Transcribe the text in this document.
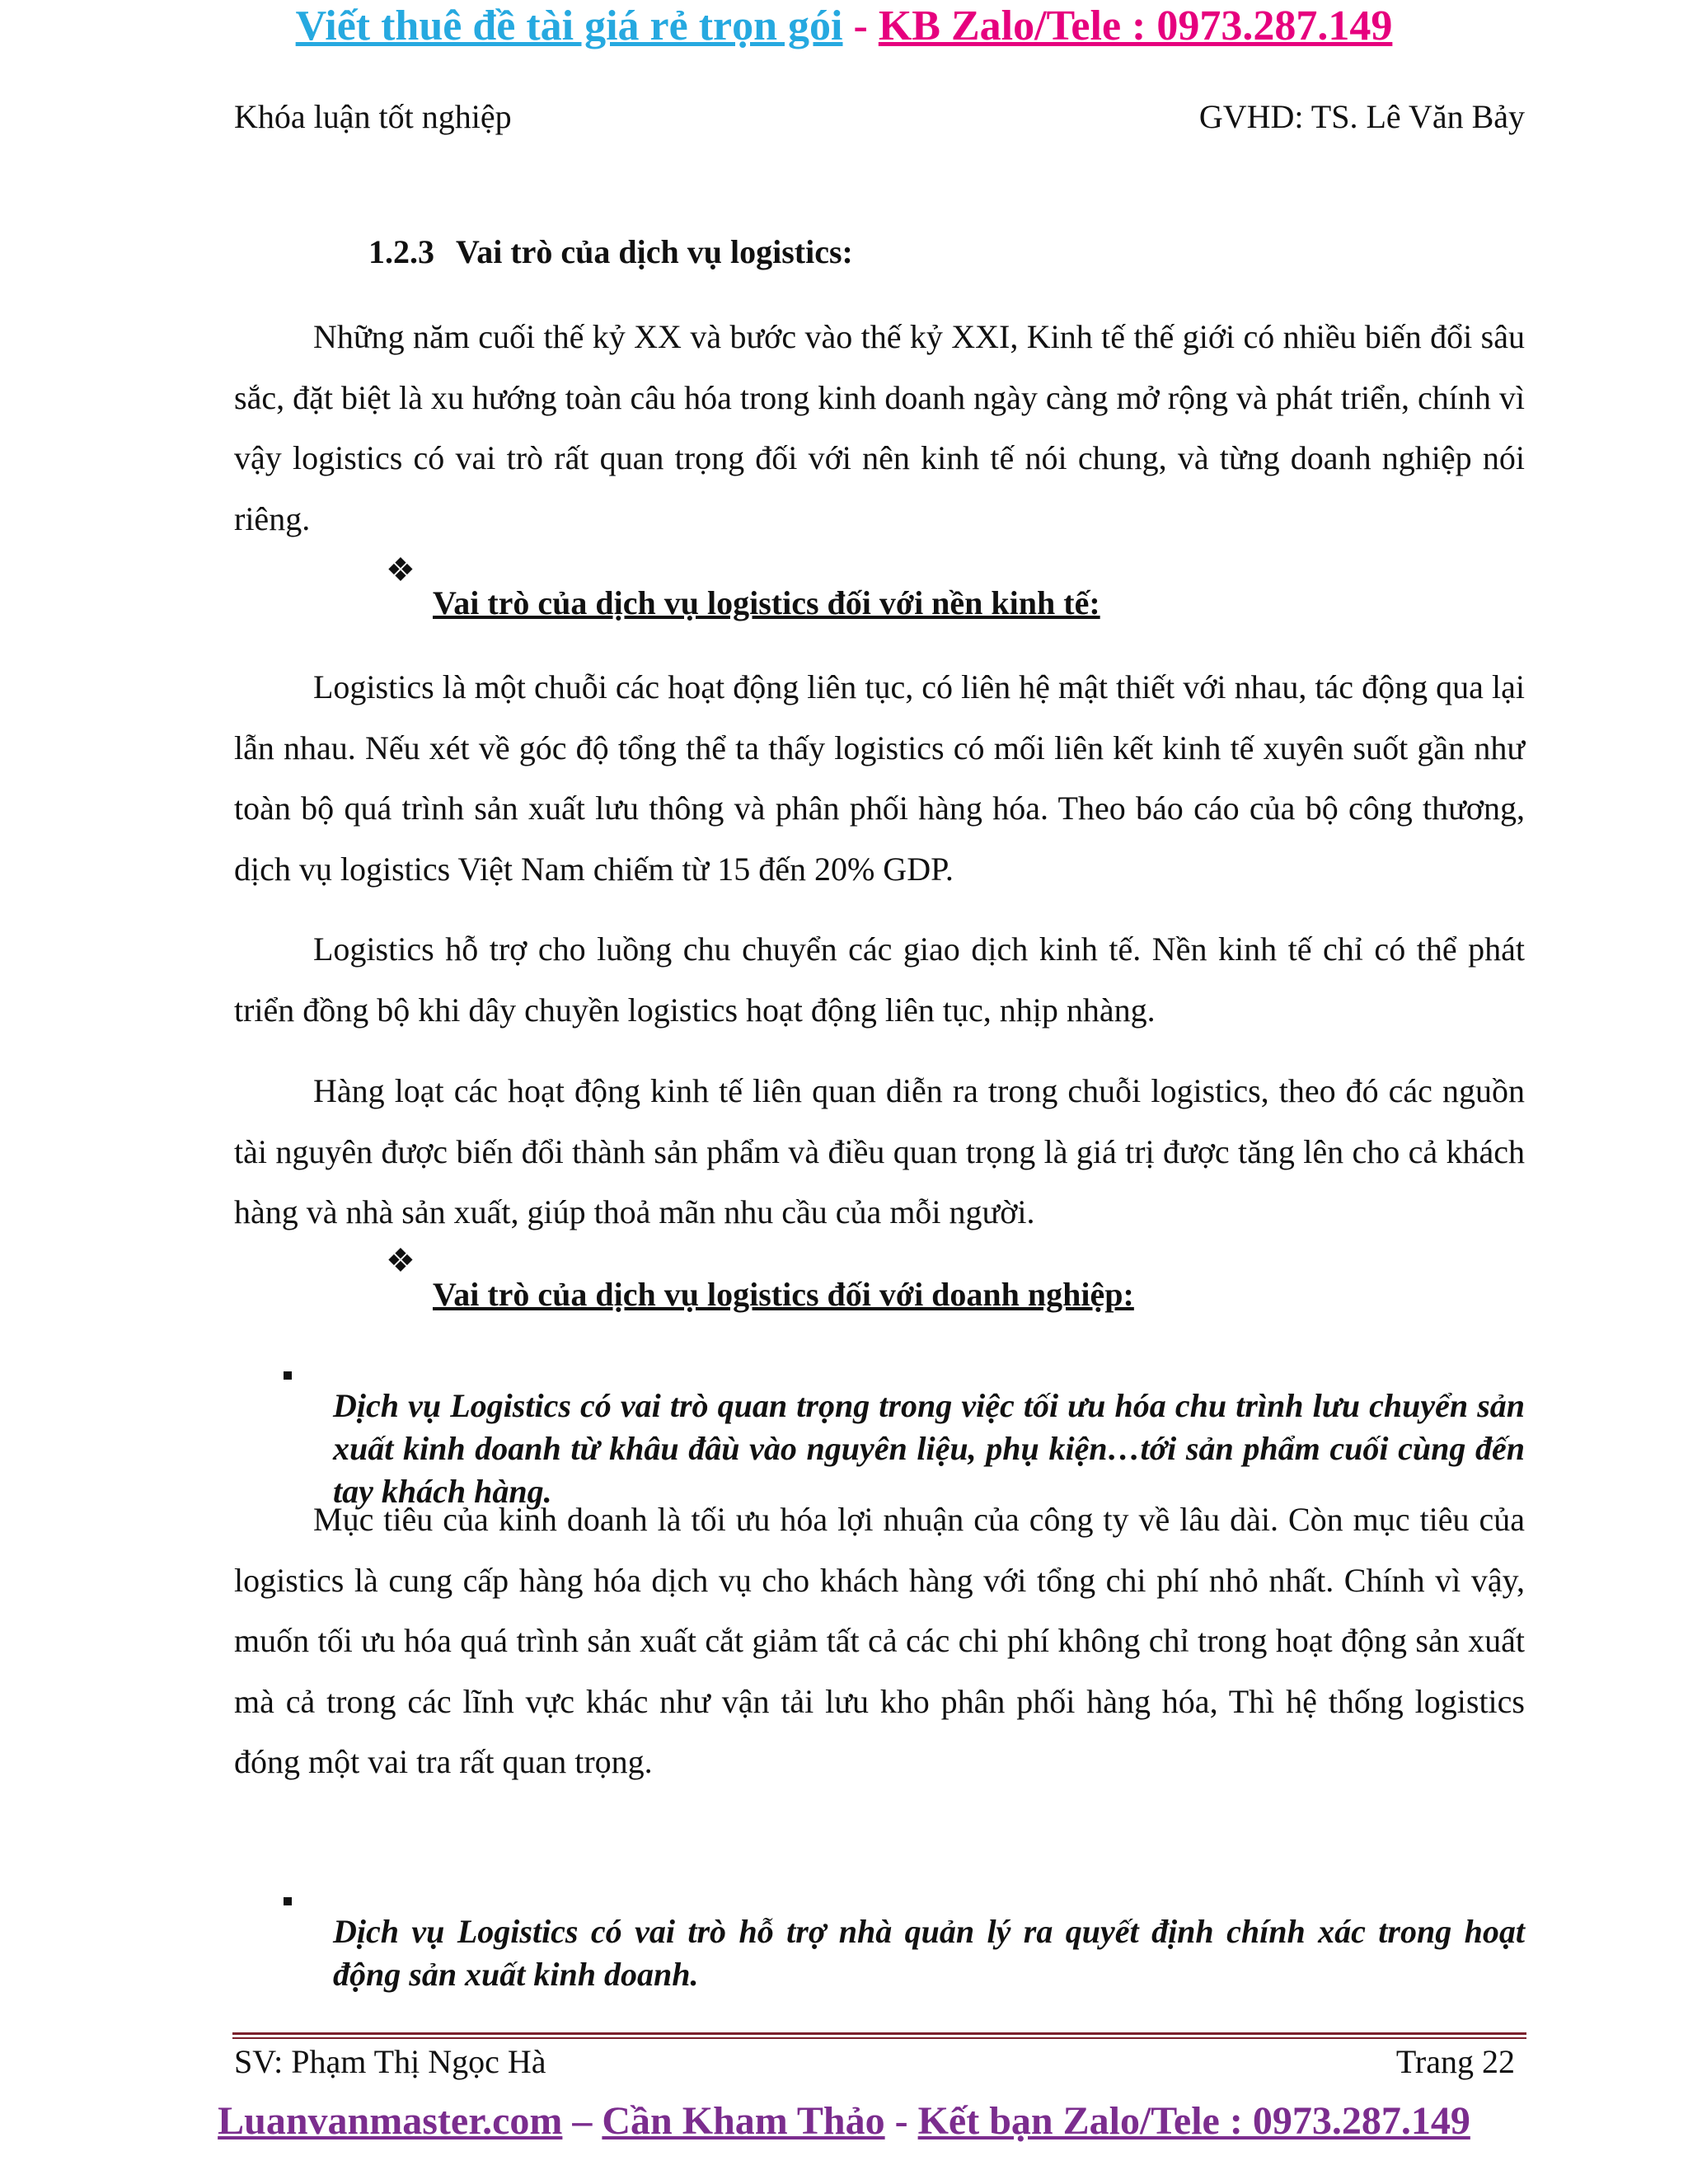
Viết thuê đề tài giá rẻ trọn gói - KB Zalo/Tele : 0973.287.149
Khóa luận tốt nghiệp	GVHD: TS. Lê Văn Bảy
1.2.3 Vai trò của dịch vụ logistics:

Những năm cuối thế kỷ XX và bước vào thế kỷ XXI, Kinh tế thế giới có nhiều biến đổi sâu sắc, đặt biệt là xu hướng toàn câu hóa trong kinh doanh ngày càng mở rộng và phát triển, chính vì vậy logistics có vai trò rất quan trọng đối với nên kinh tế nói chung, và từng doanh nghiệp nói riêng.

❖
Vai trò của dịch vụ logistics đối với nền kinh tế:

Logistics là một chuỗi các hoạt động liên tục, có liên hệ mật thiết với nhau, tác động qua lại lẫn nhau. Nếu xét về góc độ tổng thể ta thấy logistics có mối liên kết kinh tế xuyên suốt gần như toàn bộ quá trình sản xuất lưu thông và phân phối hàng hóa. Theo báo cáo của bộ công thương, dịch vụ logistics Việt Nam chiếm từ 15 đến 20% GDP.

Logistics hỗ trợ cho luồng chu chuyển các giao dịch kinh tế. Nền kinh tế chỉ có thể phát triển đồng bộ khi dây chuyền logistics hoạt động liên tục, nhịp nhàng.

Hàng loạt các hoạt động kinh tế liên quan diễn ra trong chuỗi logistics, theo đó các nguồn tài nguyên được biến đổi thành sản phẩm và điều quan trọng là giá trị được tăng lên cho cả khách hàng và nhà sản xuất, giúp thoả mãn nhu cầu của mỗi người.

❖
Vai trò của dịch vụ logistics đối với doanh nghiệp:

Dịch vụ Logistics có vai trò quan trọng trong việc tối ưu hóa chu trình lưu chuyển sản xuất kinh doanh từ khâu đâù vào nguyên liệu, phụ kiện…tới sản phẩm cuối cùng đến tay khách hàng.

Mục tiêu của kinh doanh là tối ưu hóa lợi nhuận của công ty về lâu dài. Còn mục tiêu của logistics là cung cấp hàng hóa dịch vụ cho khách hàng với tổng chi phí nhỏ nhất. Chính vì vậy, muốn tối ưu hóa quá trình sản xuất cắt giảm tất cả các chi phí không chỉ trong hoạt động sản xuất mà cả trong các lĩnh vực khác như vận tải lưu kho phân phối hàng hóa, Thì hệ thống logistics đóng một vai tra rất quan trọng.

Dịch vụ Logistics có vai trò hỗ trợ nhà quản lý ra quyết định chính xác trong hoạt động sản xuất kinh doanh.

SV: Phạm Thị Ngọc Hà	Trang 22
Luanvanmaster.com – Cần Kham Thảo - Kết bạn Zalo/Tele : 0973.287.149
